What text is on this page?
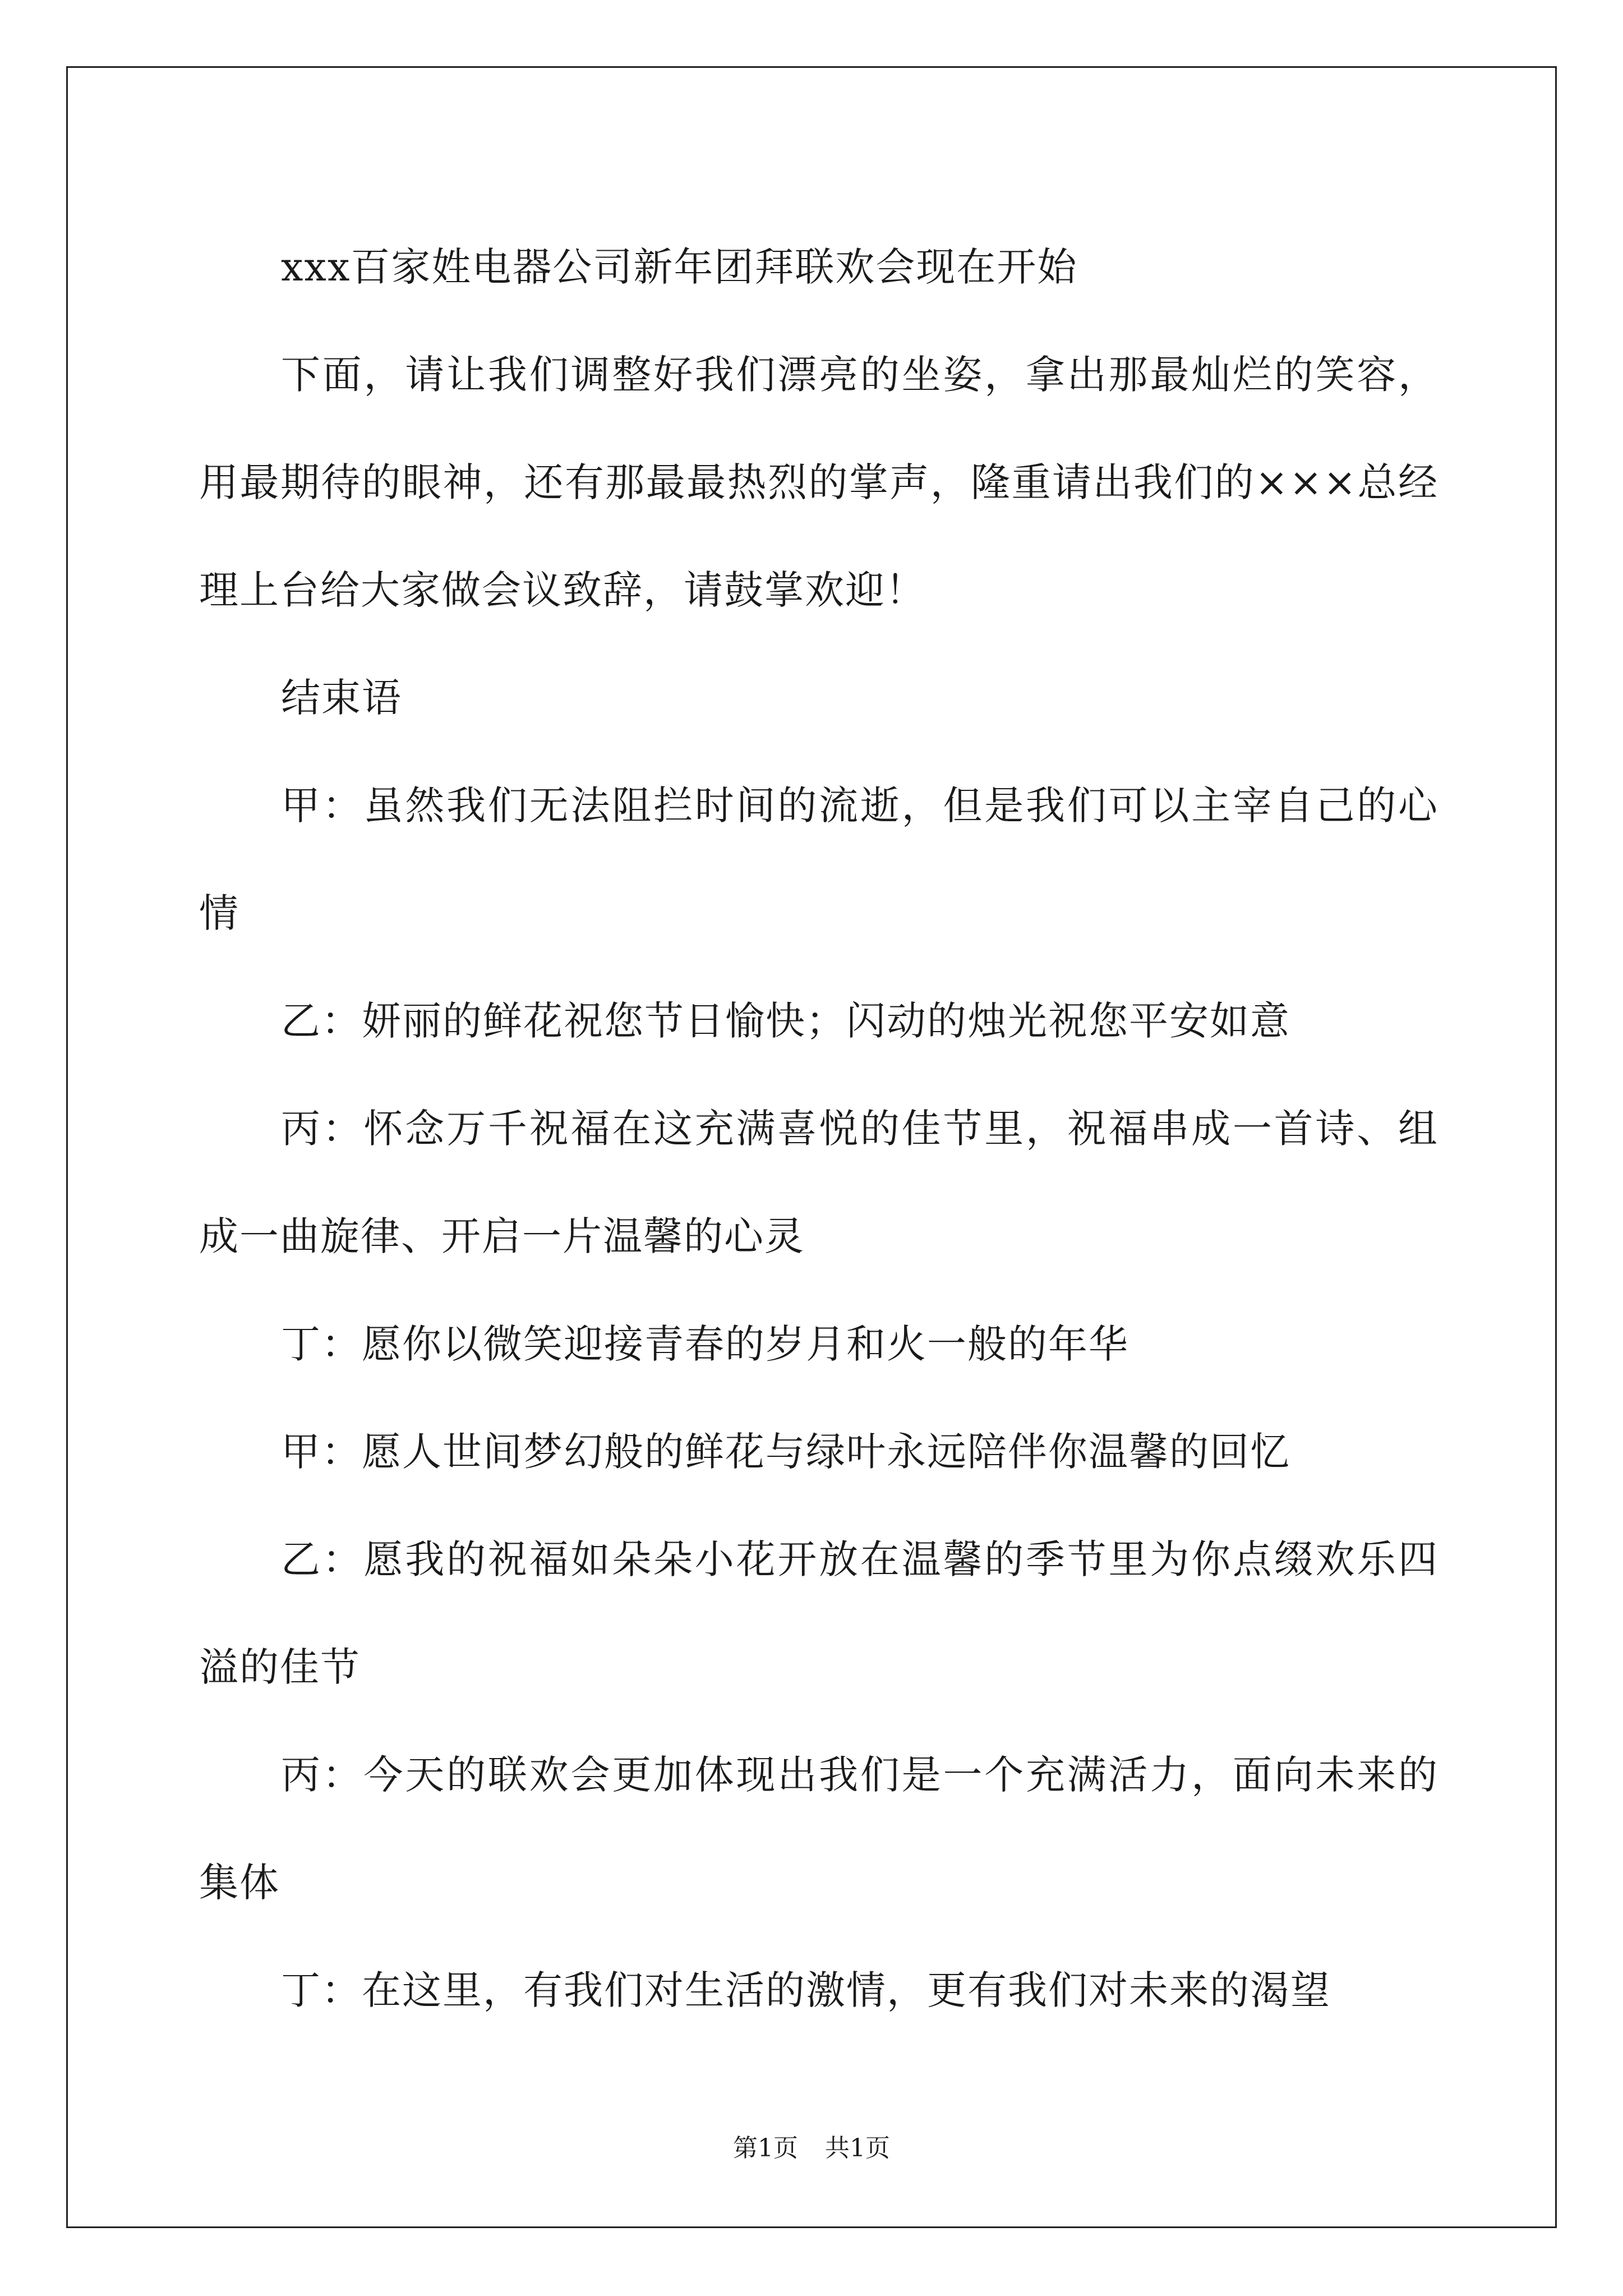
xxx百家姓电器公司新年团拜联欢会现在开始

下面，请让我们调整好我们漂亮的坐姿，拿出那最灿烂的笑容，用最期待的眼神，还有那最最热烈的掌声，隆重请出我们的×××总经理上台给大家做会议致辞，请鼓掌欢迎！

结束语

甲：虽然我们无法阻拦时间的流逝，但是我们可以主宰自己的心情

乙：妍丽的鲜花祝您节日愉快；闪动的烛光祝您平安如意

丙：怀念万千祝福在这充满喜悦的佳节里，祝福串成一首诗、组成一曲旋律、开启一片温馨的心灵

丁：愿你以微笑迎接青春的岁月和火一般的年华

甲：愿人世间梦幻般的鲜花与绿叶永远陪伴你温馨的回忆

乙：愿我的祝福如朵朵小花开放在温馨的季节里为你点缀欢乐四溢的佳节

丙：今天的联欢会更加体现出我们是一个充满活力，面向未来的集体

丁：在这里，有我们对生活的激情，更有我们对未来的渴望

第1页 共1页
